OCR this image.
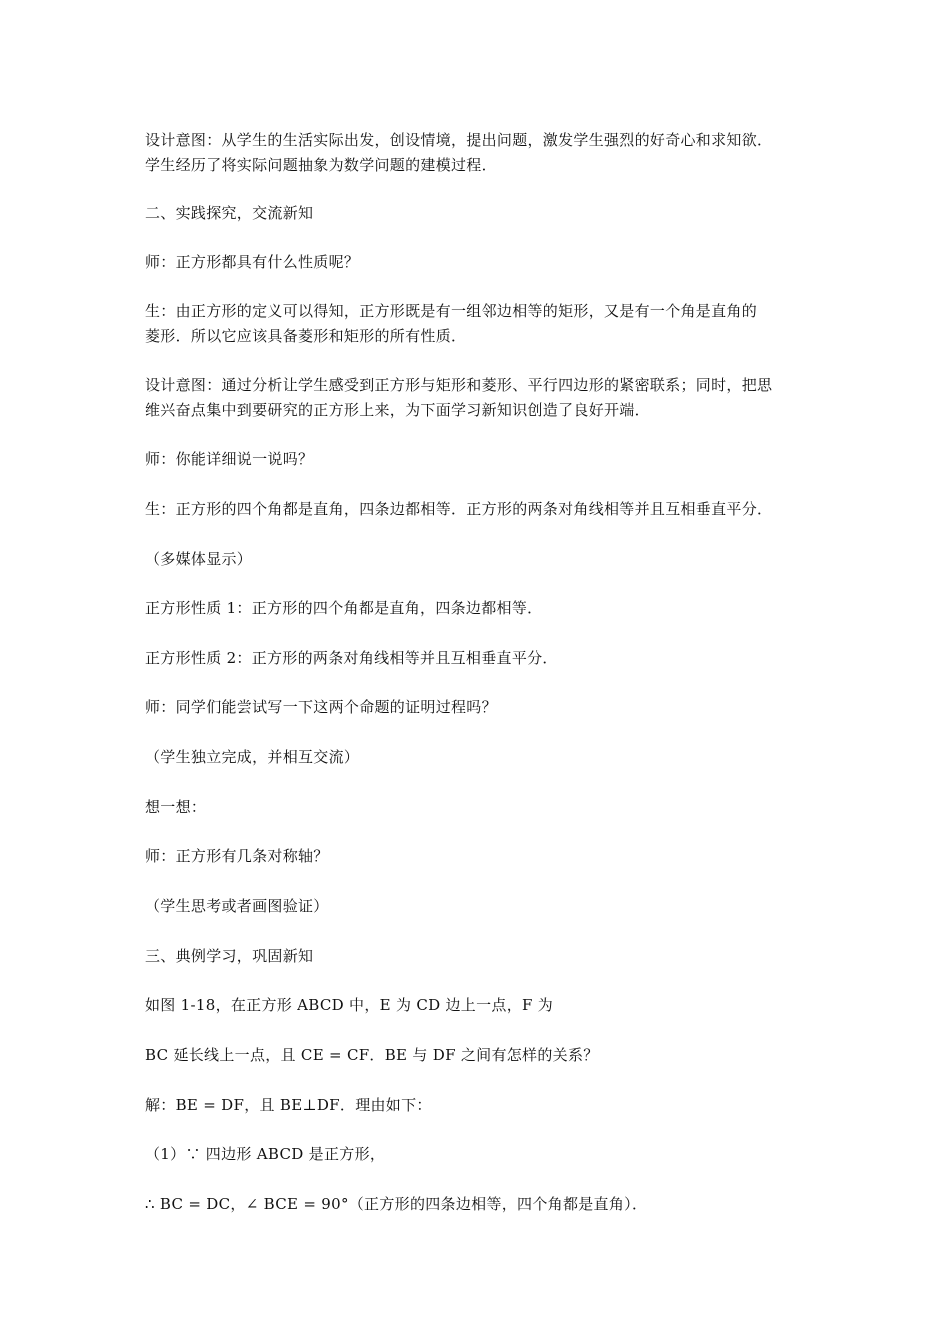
设计意图：从学生的生活实际出发，创设情境，提出问题，激发学生强烈的好奇心和求知欲．
学生经历了将实际问题抽象为数学问题的建模过程．

二、实践探究，交流新知

师：正方形都具有什么性质呢？

生：由正方形的定义可以得知，正方形既是有一组邻边相等的矩形，又是有一个角是直角的
菱形．所以它应该具备菱形和矩形的所有性质．

设计意图：通过分析让学生感受到正方形与矩形和菱形、平行四边形的紧密联系；同时，把思
维兴奋点集中到要研究的正方形上来，为下面学习新知识创造了良好开端．

师：你能详细说一说吗？

生：正方形的四个角都是直角，四条边都相等．正方形的两条对角线相等并且互相垂直平分．

（多媒体显示）

正方形性质 1：正方形的四个角都是直角，四条边都相等．

正方形性质 2：正方形的两条对角线相等并且互相垂直平分．

师：同学们能尝试写一下这两个命题的证明过程吗？

（学生独立完成，并相互交流）

想一想：

师：正方形有几条对称轴？

（学生思考或者画图验证）

三、典例学习，巩固新知

如图 1-18，在正方形 ABCD 中，E 为 CD 边上一点，F 为

BC 延长线上一点，且 CE = CF．BE 与 DF 之间有怎样的关系？

解：BE = DF，且 BE⊥DF．理由如下：

（1）∵ 四边形 ABCD 是正方形，

∴ BC = DC，∠ BCE = 90°（正方形的四条边相等，四个角都是直角）．
